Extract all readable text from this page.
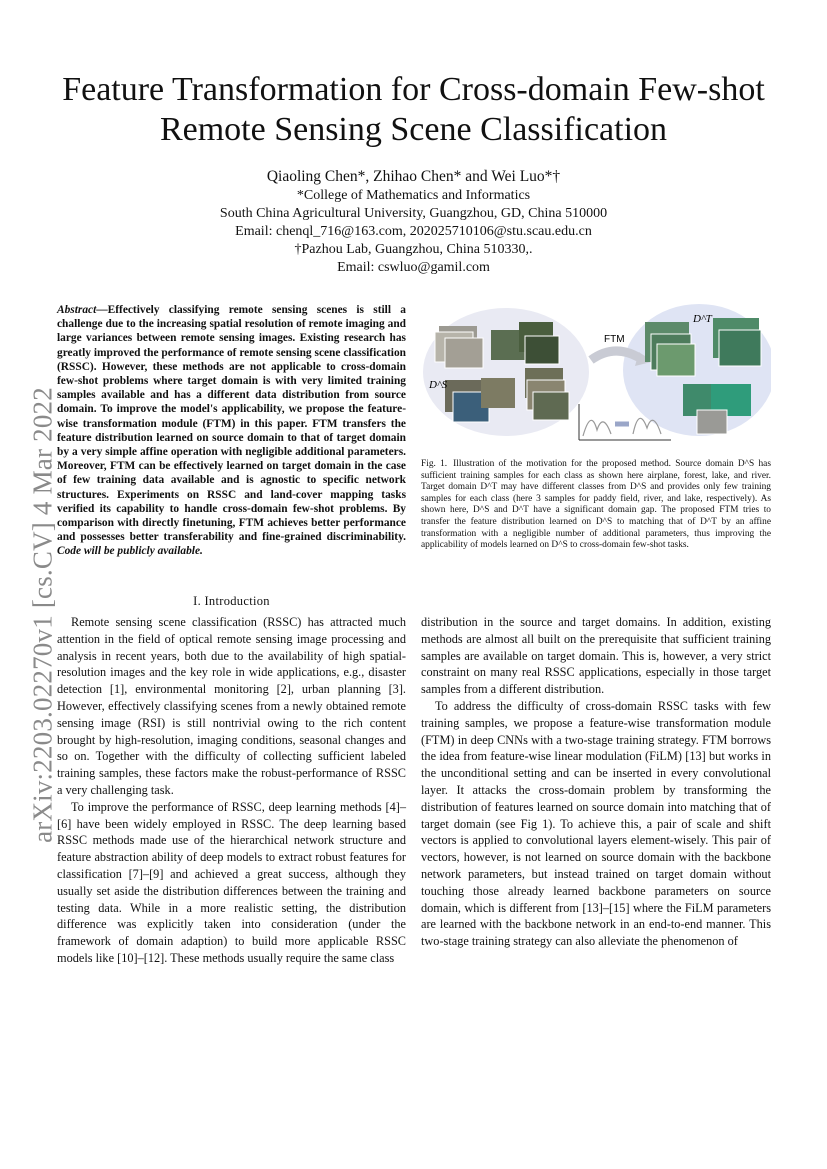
arXiv:2203.02270v1 [cs.CV] 4 Mar 2022
Feature Transformation for Cross-domain Few-shot Remote Sensing Scene Classification
Qiaoling Chen*, Zhihao Chen* and Wei Luo*†
*College of Mathematics and Informatics
South China Agricultural University, Guangzhou, GD, China 510000
Email: chenql_716@163.com, 202025710106@stu.scau.edu.cn
†Pazhou Lab, Guangzhou, China 510330,.
Email: cswluo@gamil.com
Abstract—Effectively classifying remote sensing scenes is still a challenge due to the increasing spatial resolution of remote imaging and large variances between remote sensing images. Existing research has greatly improved the performance of remote sensing scene classification (RSSC). However, these methods are not applicable to cross-domain few-shot problems where target domain is with very limited training samples available and has a different data distribution from source domain. To improve the model's applicability, we propose the feature-wise transformation module (FTM) in this paper. FTM transfers the feature distribution learned on source domain to that of target domain by a very simple affine operation with negligible additional parameters. Moreover, FTM can be effectively learned on target domain in the case of few training data available and is agnostic to specific network structures. Experiments on RSSC and land-cover mapping tasks verified its capability to handle cross-domain few-shot problems. By comparison with directly finetuning, FTM achieves better performance and possesses better transferability and fine-grained discriminability. Code will be publicly available.
D^S
FTM
D^T
Fig. 1. Illustration of the motivation for the proposed method. Source domain D^S has sufficient training samples for each class as shown here airplane, forest, lake, and river. Target domain D^T may have different classes from D^S and provides only few training samples for each class (here 3 samples for paddy field, river, and lake, respectively). As shown here, D^S and D^T have a significant domain gap. The proposed FTM tries to transfer the feature distribution learned on D^S to matching that of D^T by an affine transformation with a negligible number of additional parameters, thus improving the applicability of models learned on D^S to cross-domain few-shot tasks.
I. Introduction

Remote sensing scene classification (RSSC) has attracted much attention in the field of optical remote sensing image processing and analysis in recent years, both due to the availability of high spatial-resolution images and the key role in wide applications, e.g., disaster detection [1], environmental monitoring [2], urban planning [3]. However, effectively classifying scenes from a newly obtained remote sensing image (RSI) is still nontrivial owing to the rich content brought by high-resolution, imaging conditions, seasonal changes and so on. Together with the difficulty of collecting sufficient labeled training samples, these factors make the robust-performance of RSSC a very challenging task.

To improve the performance of RSSC, deep learning methods [4]–[6] have been widely employed in RSSC. The deep learning based RSSC methods made use of the hierarchical network structure and feature abstraction ability of deep models to extract robust features for classification [7]–[9] and achieved a great success, although they usually set aside the distribution differences between the training and testing data. While in a more realistic setting, the distribution difference was explicitly taken into consideration (under the framework of domain adaption) to build more applicable RSSC models like [10]–[12]. These methods usually require the same class

distribution in the source and target domains. In addition, existing methods are almost all built on the prerequisite that sufficient training samples are available on target domain. This is, however, a very strict constraint on many real RSSC applications, especially in those target samples from a different distribution.

To address the difficulty of cross-domain RSSC tasks with few training samples, we propose a feature-wise transformation module (FTM) in deep CNNs with a two-stage training strategy. FTM borrows the idea from feature-wise linear modulation (FiLM) [13] but works in the unconditional setting and can be inserted in every convolutional layer. It attacks the cross-domain problem by transforming the distribution of features learned on source domain into matching that of target domain (see Fig 1). To achieve this, a pair of scale and shift vectors is applied to convolutional layers element-wisely. This pair of vectors, however, is not learned on source domain with the backbone network parameters, but instead trained on target domain without touching those already learned backbone parameters on source domain, which is different from [13]–[15] where the FiLM parameters are learned with the backbone network in an end-to-end manner. This two-stage training strategy can also alleviate the phenomenon of
